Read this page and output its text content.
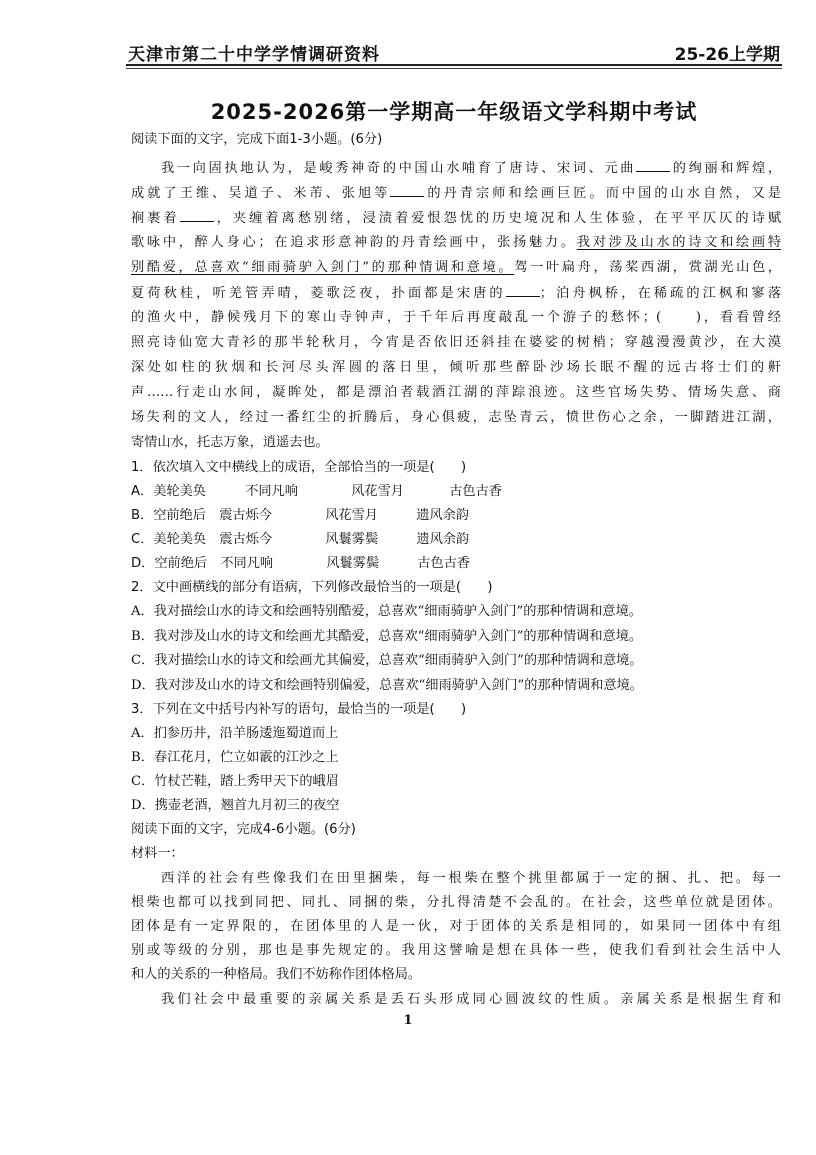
天津市第二十中学学情调研资料	25-26上学期
2025-2026第一学期高一年级语文学科期中考试
阅读下面的文字，完成下面1-3小题。(6分)
我一向固执地认为，是峻秀神奇的中国山水哺育了唐诗、宋词、元曲	的绚丽和辉煌，
成就了王维、吴道子、米芾、张旭等	的丹青宗师和绘画巨匠。而中国的山水自然，又是
裥裹着	，夹缠着离愁别绪，浸渍着爱恨怨忧的历史境况和人生体验，在平平仄仄的诗赋
歌咏中，醉人身心；在追求形意神韵的丹青绘画中，张扬魅力。我对涉及山水的诗文和绘画特
别酷爱，总喜欢“细雨骑驴入剑门”的那种情调和意境。驾一叶扁舟，荡桨西湖，赏湖光山色，
夏荷秋桂，听羌管弄晴，菱歌泛夜，扑面都是宋唐的	；泊舟枫桥，在稀疏的江枫和寥落
的渔火中，静候残月下的寒山寺钟声，于千年后再度敲乱一个游子的愁怀；(　　)，看看曾经
照亮诗仙宽大青衫的那半轮秋月，今宵是否依旧还斜挂在婆娑的树梢；穿越漫漫黄沙，在大漠
深处如柱的狄烟和长河尽头浑圆的落日里，倾听那些醉卧沙场长眠不醒的远古将士们的鼾
声……行走山水间，凝眸处，都是漂泊者载酒江湖的萍踪浪迹。这些官场失势、情场失意、商
场失利的文人，经过一番红尘的折腾后，身心俱疲，志坠青云，愤世伤心之余，一脚踏进江湖，
寄情山水，托志万象，逍遥去也。
1．依次填入文中横线上的成语，全部恰当的一项是(　　)
A．美轮美奂	不同凡响	风花雪月	古色古香
B．空前绝后 震古烁今	风花雪月	遗风余韵
C．美轮美奂 震古烁今	风鬟雾鬓	遗风余韵
D．空前绝后 不同凡响	风鬟雾鬓	古色古香
2．文中画横线的部分有语病，下列修改最恰当的一项是(　　)
A．我对描绘山水的诗文和绘画特别酷爱，总喜欢“细雨骑驴入剑门”的那种情调和意境。
B．我对涉及山水的诗文和绘画尤其酷爱，总喜欢“细雨骑驴入剑门”的那种情调和意境。
C．我对描绘山水的诗文和绘画尤其偏爱，总喜欢“细雨骑驴入剑门”的那种情调和意境。
D．我对涉及山水的诗文和绘画特别偏爱，总喜欢“细雨骑驴入剑门”的那种情调和意境。
3．下列在文中括号内补写的语句，最恰当的一项是(　　)
A．扪参历井，沿羊肠逶迤蜀道而上
B．春江花月，伫立如霰的江沙之上
C．竹杖芒鞋，踏上秀甲天下的峨眉
D．携壶老酒，翘首九月初三的夜空
阅读下面的文字，完成4-6小题。(6分)
材料一：
西洋的社会有些像我们在田里捆柴，每一根柴在整个挑里都属于一定的捆、扎、把。每一
根柴也都可以找到同把、同扎、同捆的柴，分扎得清楚不会乱的。在社会，这些单位就是团体。
团体是有一定界限的，在团体里的人是一伙，对于团体的关系是相同的，如果同一团体中有组
别或等级的分别，那也是事先规定的。我用这譬喻是想在具体一些，使我们看到社会生活中人
和人的关系的一种格局。我们不妨称作团体格局。
我们社会中最重要的亲属关系是丢石头形成同心圆波纹的性质。亲属关系是根据生育和
1
